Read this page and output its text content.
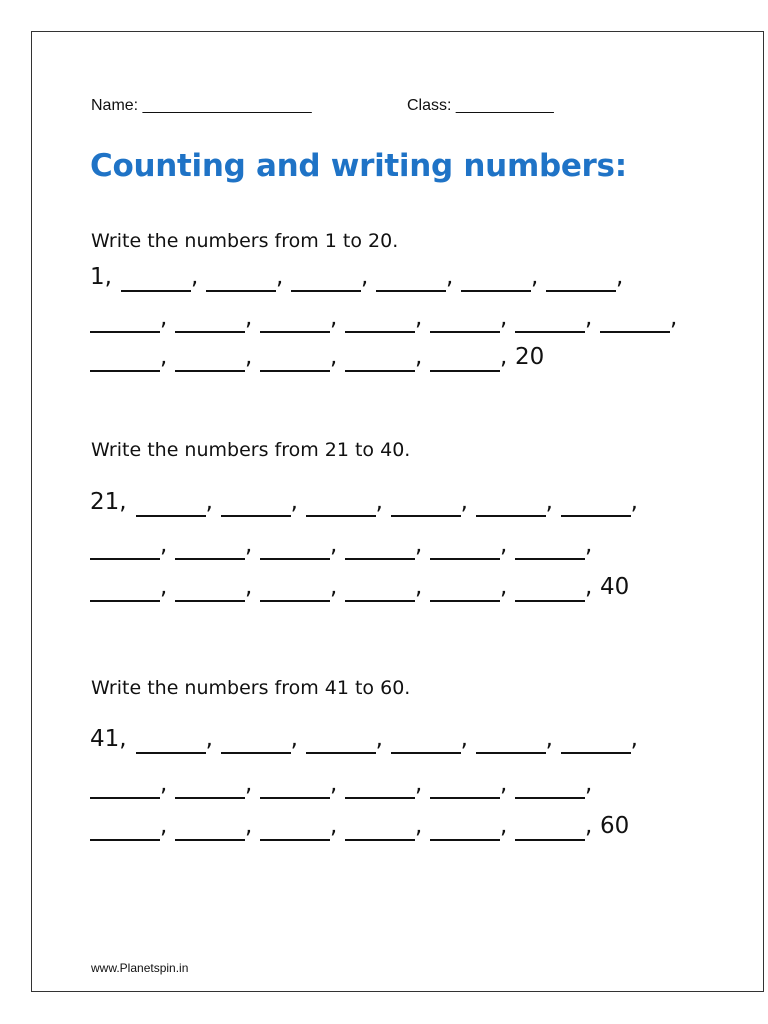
Name: ___________________	Class: ___________
Counting and writing numbers:
Write the numbers from 1 to 20.
1,	,	,	,	,	,	,
,	,	,	,	,	,	,
,	,	,	,	, 20
Write the numbers from 21 to 40.
21,	,	,	,	,	,	,
,	,	,	,	,	,
,	,	,	,	,	, 40
Write the numbers from 41 to 60.
41,	,	,	,	,	,	,
,	,	,	,	,	,
,	,	,	,	,	, 60
www.Planetspin.in
